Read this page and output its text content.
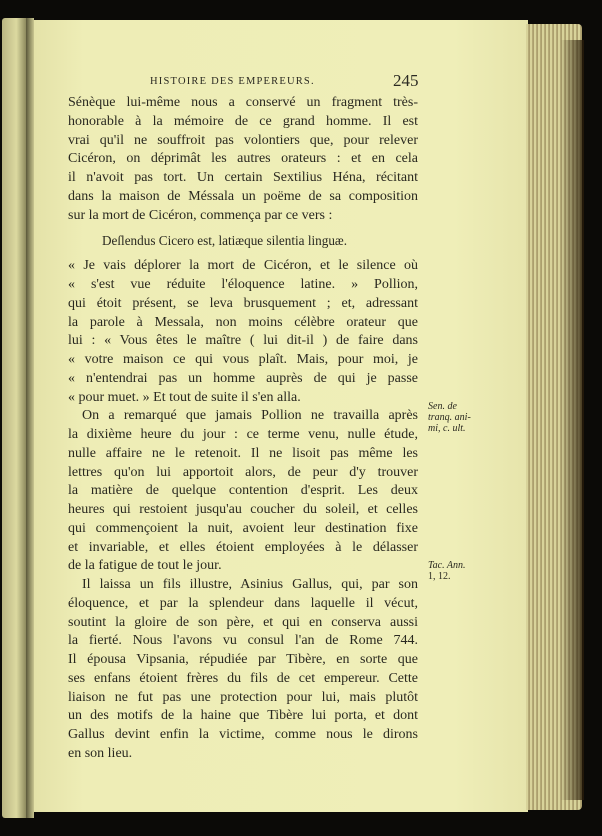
HISTOIRE DES EMPEREURS.	245
Sénèque lui-même nous a conservé un fragment très-
honorable à la mémoire de ce grand homme. Il est
vrai qu'il ne souffroit pas volontiers que, pour relever
Cicéron, on déprimât les autres orateurs : et en cela
il n'avoit pas tort. Un certain Sextilius Héna, récitant
dans la maison de Méssala un poëme de sa composition
sur la mort de Cicéron, commença par ce vers :
Deſlendus Cicero est, latiæque silentia linguæ.
« Je vais déplorer la mort de Cicéron, et le silence où
« s'est vue réduite l'éloquence latine. » Pollion,
qui étoit présent, se leva brusquement ; et, adressant
la parole à Messala, non moins célèbre orateur que
lui : « Vous êtes le maître ( lui dit-il ) de faire dans
« votre maison ce qui vous plaît. Mais, pour moi, je
« n'entendrai pas un homme auprès de qui je passe
« pour muet. » Et tout de suite il s'en alla.
On a remarqué que jamais Pollion ne travailla après
la dixième heure du jour : ce terme venu, nulle étude,
nulle affaire ne le retenoit. Il ne lisoit pas même les
lettres qu'on lui apportoit alors, de peur d'y trouver
la matière de quelque contention d'esprit. Les deux
heures qui restoient jusqu'au coucher du soleil, et celles
qui commençoient la nuit, avoient leur destination fixe
et invariable, et elles étoient employées à le délasser
de la fatigue de tout le jour.
Il laissa un fils illustre, Asinius Gallus, qui, par son
éloquence, et par la splendeur dans laquelle il vécut,
soutint la gloire de son père, et qui en conserva aussi
la fierté. Nous l'avons vu consul l'an de Rome 744.
Il épousa Vipsania, répudiée par Tibère, en sorte que
ses enfans étoient frères du fils de cet empereur. Cette
liaison ne fut pas une protection pour lui, mais plutôt
un des motifs de la haine que Tibère lui porta, et dont
Gallus devint enfin la victime, comme nous le dirons
en son lieu.
Sen. de
tranq. ani-
mi, c. ult.
Tac. Ann.
1, 12.
